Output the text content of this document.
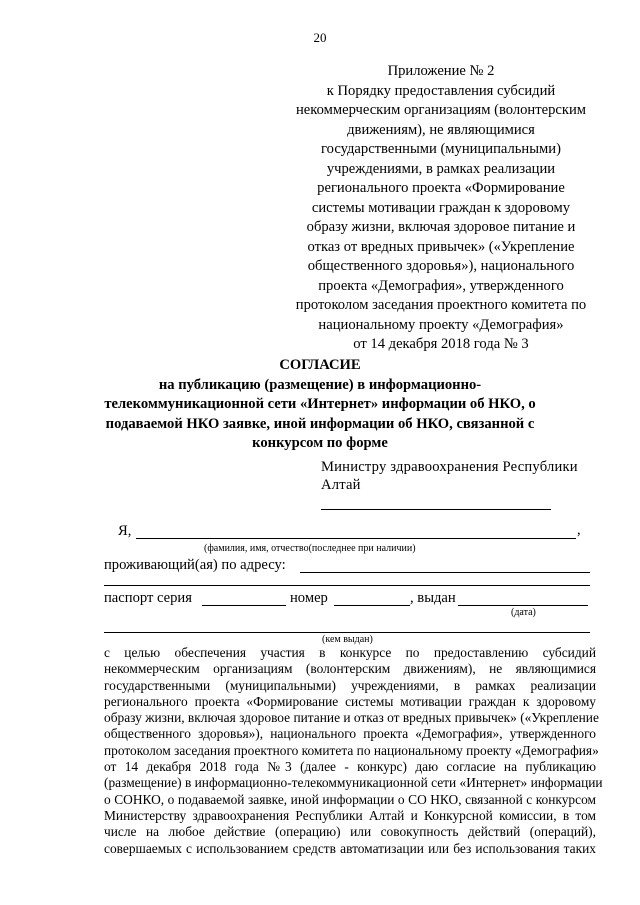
20
Приложение № 2
к Порядку предоставления субсидий
некоммерческим организациям (волонтерским
движениям), не являющимися
государственными (муниципальными)
учреждениями, в рамках реализации
регионального проекта «Формирование
системы мотивации граждан к здоровому
образу жизни, включая здоровое питание и
отказ от вредных привычек» («Укрепление
общественного здоровья»), национального
проекта «Демография», утвержденного
протоколом заседания проектного комитета по
национальному проекту «Демография»
от 14 декабря 2018 года № 3
СОГЛАСИЕ
на публикацию (размещение) в информационно-
телекоммуникационной сети «Интернет» информации об НКО, о
подаваемой НКО заявке, иной информации об НКО, связанной с
конкурсом по форме
Министру здравоохранения Республики
Алтай
Я,	,
(фамилия, имя, отчество(последнее при наличии)
проживающий(ая) по адресу:
паспорт серия	номер	, выдан
(дата)
(кем выдан)
с целью обеспечения участия в конкурсе по предоставлению субсидий
некоммерческим организациям (волонтерским движениям), не являющимися
государственными (муниципальными) учреждениями, в рамках реализации
регионального проекта «Формирование системы мотивации граждан к здоровому
образу жизни, включая здоровое питание и отказ от вредных привычек» («Укрепление
общественного здоровья»), национального проекта «Демография», утвержденного
протоколом заседания проектного комитета по национальному проекту «Демография»
от 14 декабря 2018 года №3 (далее - конкурс) даю согласие на публикацию
(размещение) в информационно-телекоммуникационной сети «Интернет» информации
о СОНКО, о подаваемой заявке, иной информации о СО НКО, связанной с конкурсом
Министерству здравоохранения Республики Алтай и Конкурсной комиссии, в том
числе на любое действие (операцию) или совокупность действий (операций),
совершаемых с использованием средств автоматизации или без использования таких
